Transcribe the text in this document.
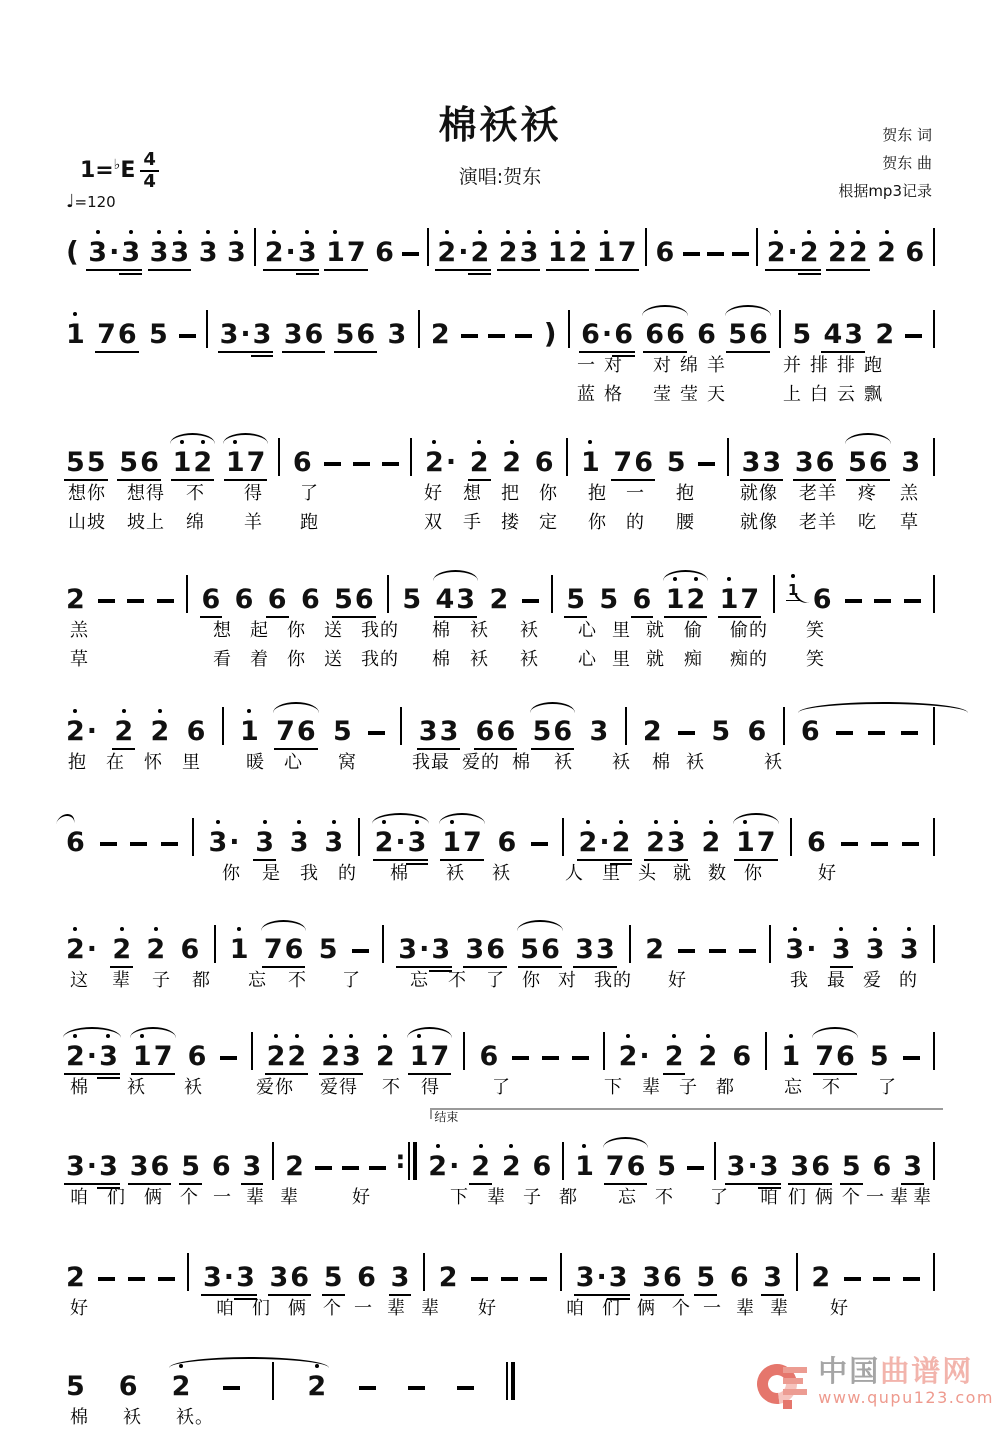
棉袄袄
演唱:贺东
贺东 词
贺东 曲
根据mp3记录
1= ♭ E $\frac{4}{4}$
♩=120
( 3 · 3 3 3 3 3 2 · 3 1 7 6 2 · 2 2 3 1 2 1 7 6	2 · 2 2 2 2 6
1 7 6 5 3 · 3 3 6 5 6 3 2	) 6 · 6 6 6 6 5 6 5 4 3 2
一 对 对 绵 羊	并 排 排 跑
蓝 格 莹 莹 天	上 白 云 飘
5 5 5 6 1 2 1 7 6	2 · 2 2 6 1 7 6 5 3 3 3 6 5 6 3
想你 想得 不 得 了	好 想 把 你 抱 一 抱	就像 老羊 疼 羔
山坡 坡上 绵 羊 跑	双 手 搂 定 你 的 腰	就像 老羊 吃 草
2	6 6 6 6 5 6 5 4 3 2 5 5 6 1 2 1 7 1 6
羔	想 起 你 送 我的 棉 袄 袄 心 里 就 偷 偷的 笑
草	看 着 你 送 我的 棉 袄 袄 心 里 就 痴 痴的 笑
2 · 2 2 6 1 7 6 5 3 3 6 6 5 6 3 2 5 6 6
抱 在 怀 里	暖 心 窝	我最 爱的 棉 袄 袄 棉 袄	袄
6	3 · 3 3 3 2 · 3 1 7 6 2 · 2 2 3 2 1 7 6
你 是 我 的 棉 袄 袄	人 里 头 就 数 你	好
2 · 2 2 6 1 7 6 5 3 · 3 3 6 5 6 3 3 2	3 · 3 3 3
这 辈 子 都 忘 不 了	忘 不 了 你 对 我的 好	我 最 爱 的
2 · 3 1 7 6 2 2 2 3 2 1 7 6	2 · 2 2 6 1 7 6 5
棉 袄 袄	爱你 爱得 不 得	了	下 辈 子 都	忘 不 了
3 · 3 3 6 5 6 3 2	: 2 · 2 2 6 1 7 6 5 3 · 3 3 6 5 6 3
结束
咱 们 俩 个 一 辈 辈	好	下 辈 子 都 忘 不 了 咱 们 俩 个 一 辈 辈
2	3 · 3 3 6 5 6 3 2	3 · 3 3 6 5 6 3 2
好	咱 们 俩 个 一 辈 辈 好	咱 们 俩 个 一 辈 辈 好
5 6 2	2
棉 袄 袄。
中国曲谱网
www.qupu123.com
